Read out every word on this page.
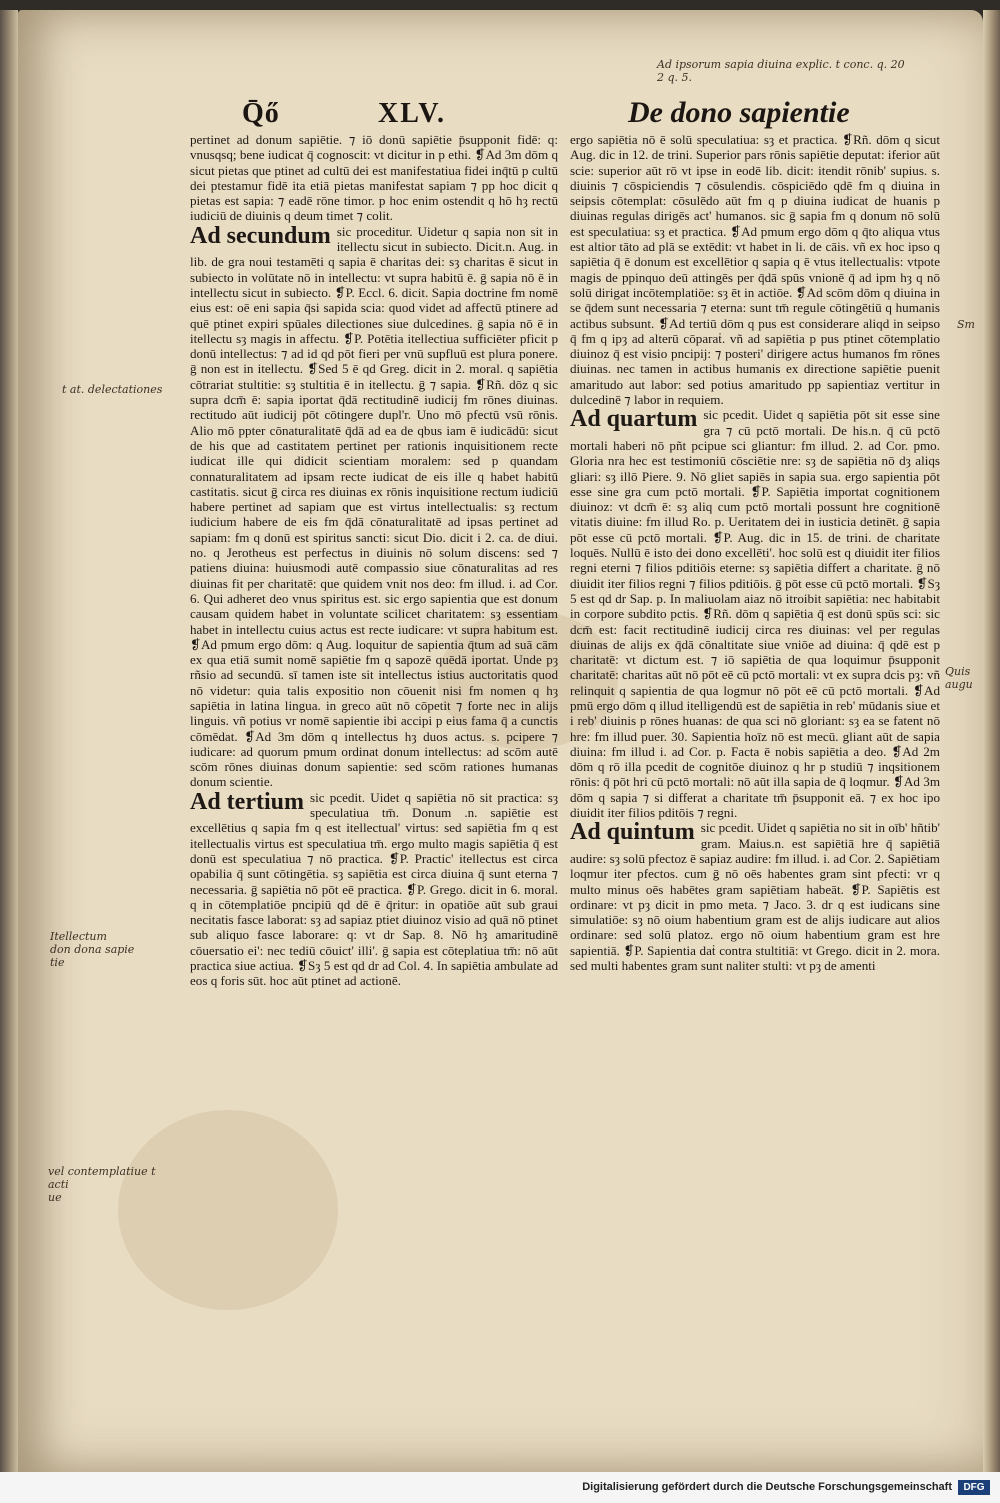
Ad ipsorum sapia diuina explic. t conc. q. 20
2 q. 5.
Q̄ő	XLV.	De dono sapientie
t at. delectationes
Itellectum
don dona sapie
tie
vel contemplatiue t acti
ue
Sm
Quis
augu

pertinet ad donum sapiētie. ⁊ iō donū sapiētie p̄supponit fidē: q: vnusqsq; bene iudicat q̄ cognoscit: vt dicitur in p ethi. ❡Ad 3m dōm q sicut pietas que ptinet ad cultū dei est manifestatiua fidei inq̄tū p cultū dei ptestamur fidē ita etiā pietas manifestat sapiam ⁊ pp hoc dicit q pietas est sapia: ⁊ eadē rōne timor. p hoc enim ostendit q hō hȝ rectū iudiciū de diuinis q deum timet ⁊ colit.

Ad secundum sic proceditur. Uidetur q sapia non sit in itellectu sicut in subiecto. Dicit.n. Aug. in lib. de gra noui testamēti q sapia ē charitas dei: sȝ charitas ē sicut in subiecto in volūtate nō in intellectu: vt supra habitū ē. ḡ sapia nō ē in intellectu sicut in subiecto. ❡P. Eccl. 6. dicit. Sapia doctrine fm nomē eius est: oē eni sapia q̄si sapida scia: quod videt ad affectū ptinere ad quē ptinet expiri spūales dilectiones siue dulcedines. ḡ sapia nō ē in itellectu sȝ magis in affectu. ❡P. Potētia itellectiua sufficiēter pficit p donū intellectus: ⁊ ad id qd pōt fieri per vnū supfluū est plura ponere. ḡ non est in itellectu. ❡Sed 5 ē qd Greg. dicit in 2. moral. q sapiētia cōtrariat stultitie: sȝ stultitia ē in itellectu. ḡ ⁊ sapia. ❡Rñ. dōz q sic supra dcm̄ ē: sapia iportat q̄dā rectitudinē iudicij fm rōnes diuinas. rectitudo aūt iudicij pōt cōtingere dupl'r. Uno mō pfectū vsū rōnis. Alio mō ppter cōnaturalitatē q̄dā ad ea de qbus iam ē iudicādū: sicut de his que ad castitatem pertinet per rationis inquisitionem recte iudicat ille qui didicit scientiam moralem: sed p quandam connaturalitatem ad ipsam recte iudicat de eis ille q habet habitū castitatis. sicut ḡ circa res diuinas ex rōnis inquisitione rectum iudiciū habere pertinet ad sapiam que est virtus intellectualis: sȝ rectum iudicium habere de eis fm q̄dā cōnaturalitatē ad ipsas pertinet ad sapiam: fm q donū est spiritus sancti: sicut Dio. dicit i 2. ca. de diui. no. q Jerotheus est perfectus in diuinis nō solum discens: sed ⁊ patiens diuina: huiusmodi autē compassio siue cōnaturalitas ad res diuinas fit per charitatē: que quidem vnit nos deo: fm illud. i. ad Cor. 6. Qui adheret deo vnus spiritus est. sic ergo sapientia que est donum causam quidem habet in voluntate scilicet charitatem: sȝ essentiam habet in intellectu cuius actus est recte iudicare: vt supra habitum est. ❡Ad pmum ergo dōm: q Aug. loquitur de sapientia q̄tum ad suā cām ex qua etiā sumit nomē sapiētie fm q sapozē quēdā iportat. Unde pȝ rñsio ad secundū. sī tamen iste sit intellectus istius auctoritatis quod nō videtur: quia talis expositio non cōuenit nisi fm nomen q hȝ sapiētia in latina lingua. in greco aūt nō cōpetit ⁊ forte nec in alijs linguis. vñ potius vr nomē sapientie ibi accipi p eius fama q̄ a cunctis cōmēdat. ❡Ad 3m dōm q intellectus hȝ duos actus. s. pcipere ⁊ iudicare: ad quorum pmum ordinat donum intellectus: ad scōm autē scōm rōnes diuinas donum sapientie: sed scōm rationes humanas donum scientie.

Ad tertium sic pcedit. Uidet q sapiētia nō sit practica: sȝ speculatiua tm̄. Donum .n. sapiētie est excellētius q sapia fm q est itellectual' virtus: sed sapiētia fm q est itellectualis virtus est speculatiua tm̄. ergo multo magis sapiētia q̄ est donū est speculatiua ⁊ nō practica. ❡P. Practic' itellectus est circa opabilia q̄ sunt cōtingētia. sȝ sapiētia est circa diuina q̄ sunt eterna ⁊ necessaria. ḡ sapiētia nō pōt eē practica. ❡P. Grego. dicit in 6. moral. q in cōtemplatiōe pncipiū qd dē ē q̄ritur: in opatiōe aūt sub graui necitatis fasce laborat: sȝ ad sapiaz ptiet diuinoz visio ad quā nō ptinet sub aliquo fasce laborare: q: vt dr Sap. 8. Nō hȝ amaritudinē cōuersatio ei': nec tediū cōuict' illi'. ḡ sapia est cōteplatiua tm̄: nō aūt practica siue actiua. ❡Sȝ 5 est qd dr ad Col. 4. In sapiētia ambulate ad eos q foris sūt. hoc aūt ptinet ad actionē.

ergo sapiētia nō ē solū speculatiua: sȝ et practica. ❡Rñ. dōm q sicut Aug. dic in 12. de trini. Superior pars rōnis sapiētie deputat: iferior aūt scie: superior aūt rō vt ipse in eodē lib. dicit: itendit rōnib' supius. s. diuinis ⁊ cōspiciendis ⁊ cōsulendis. cōspiciēdo qdē fm q diuina in seipsis cōtemplat: cōsulēdo aūt fm q p diuina iudicat de huanis p diuinas regulas dirigēs act' humanos. sic ḡ sapia fm q donum nō solū est speculatiua: sȝ et practica. ❡Ad pmum ergo dōm q q̄to aliqua vtus est altior tāto ad plā se extēdit: vt habet in li. de cāis. vñ ex hoc ipso q sapiētia q̄ ē donum est excellētior q sapia q ē vtus itellectualis: vtpote magis de ppinquo deū attingēs per q̄dā spūs vnionē q̄ ad ipm hȝ q nō solū dirigat incōtemplatiōe: sȝ ēt in actiōe. ❡Ad scōm dōm q diuina in se q̄dem sunt necessaria ⁊ eterna: sunt tm̄ regule cōtingētiū q humanis actibus subsunt. ❡Ad tertiū dōm q pus est considerare aliqd in seipso q̄ fm q ipȝ ad alterū cōparaṫ. vñ ad sapiētia p pus ptinet cōtemplatio diuinoz q̄ est visio pncipij: ⁊ posteri' dirigere actus humanos fm rōnes diuinas. nec tamen in actibus humanis ex directione sapiētie puenit amaritudo aut labor: sed potius amaritudo pp sapientiaz vertitur in dulcedinē ⁊ labor in requiem.

Ad quartum sic pcedit. Uidet q sapiētia pōt sit esse sine gra ⁊ cū pctō mortali. De his.n. q̄ cū pctō mortali haberi nō pñt pcipue sci gliantur: fm illud. 2. ad Cor. pmo. Gloria nra hec est testimoniū cōsciētie nre: sȝ de sapiētia nō dȝ aliqs gliari: sȝ illō Piere. 9. Nō gliet sapiēs in sapia sua. ergo sapientia pōt esse sine gra cum pctō mortali. ❡P. Sapiētia importat cognitionem diuinoz: vt dcm̄ ē: sȝ aliq cum pctō mortali possunt hre cognitionē vitatis diuine: fm illud Ro. p. Ueritatem dei in iusticia detinēt. ḡ sapia pōt esse cū pctō mortali. ❡P. Aug. dic in 15. de trini. de charitate loquēs. Nullū ē isto dei dono excellēti'. hoc solū est q diuidit iter filios regni eterni ⁊ filios pditiōis eterne: sȝ sapiētia differt a charitate. ḡ nō diuidit iter filios regni ⁊ filios pditiōis. ḡ pōt esse cū pctō mortali. ❡Sȝ 5 est qd dr Sap. p. In maliuolam aiaz nō itroibit sapiētia: nec habitabit in corpore subdito pctis. ❡Rñ. dōm q sapiētia q̄ est donū spūs sci: sic dcm̄ est: facit rectitudinē iudicij circa res diuinas: vel per regulas diuinas de alijs ex q̄dā cōnaltitate siue vniōe ad diuina: q̄ qdē est p charitatē: vt dictum est. ⁊ iō sapiētia de qua loquimur p̄supponit charitatē: charitas aūt nō pōt eē cū pctō mortali: vt ex supra dcis pȝ: vñ relinquit q sapientia de qua logmur nō pōt eē cū pctō mortali. ❡Ad pmū ergo dōm q illud itelligendū est de sapiētia in reb' mūdanis siue et i reb' diuinis p rōnes huanas: de qua sci nō gloriant: sȝ ea se fatent nō hre: fm illud puer. 30. Sapientia hoīz nō est mecū. gliant aūt de sapia diuina: fm illud i. ad Cor. p. Facta ē nobis sapiētia a deo. ❡Ad 2m dōm q rō illa pcedit de cognitōe diuinoz q hr p studiū ⁊ inqsitionem rōnis: q̄ pōt hri cū pctō mortali: nō aūt illa sapia de q̄ loqmur. ❡Ad 3m dōm q sapia ⁊ si differat a charitate tm̄ p̄supponit eā. ⁊ ex hoc ipo diuidit iter filios pditōis ⁊ regni.

Ad quintum sic pcedit. Uidet q sapiētia no sit in oīb' hñtib' gram. Maius.n. est sapiētiā hre q̄ sapiētiā audire: sȝ solū pfectoz ē sapiaz audire: fm illud. i. ad Cor. 2. Sapiētiam loqmur iter pfectos. cum ḡ nō oēs habentes gram sint pfecti: vr q multo minus oēs habētes gram sapiētiam habeāt. ❡P. Sapiētis est ordinare: vt pȝ dicit in pmo meta. ⁊ Jaco. 3. dr q est iudicans sine simulatiōe: sȝ nō oium habentium gram est de alijs iudicare aut alios ordinare: sed solū platoz. ergo nō oium habentium gram est hre sapientiā. ❡P. Sapientia daṫ contra stultitiā: vt Grego. dicit in 2. mora. sed multi habentes gram sunt naliter stulti: vt pȝ de amenti

Digitalisierung gefördert durch die Deutsche Forschungsgemeinschaft	DFG
